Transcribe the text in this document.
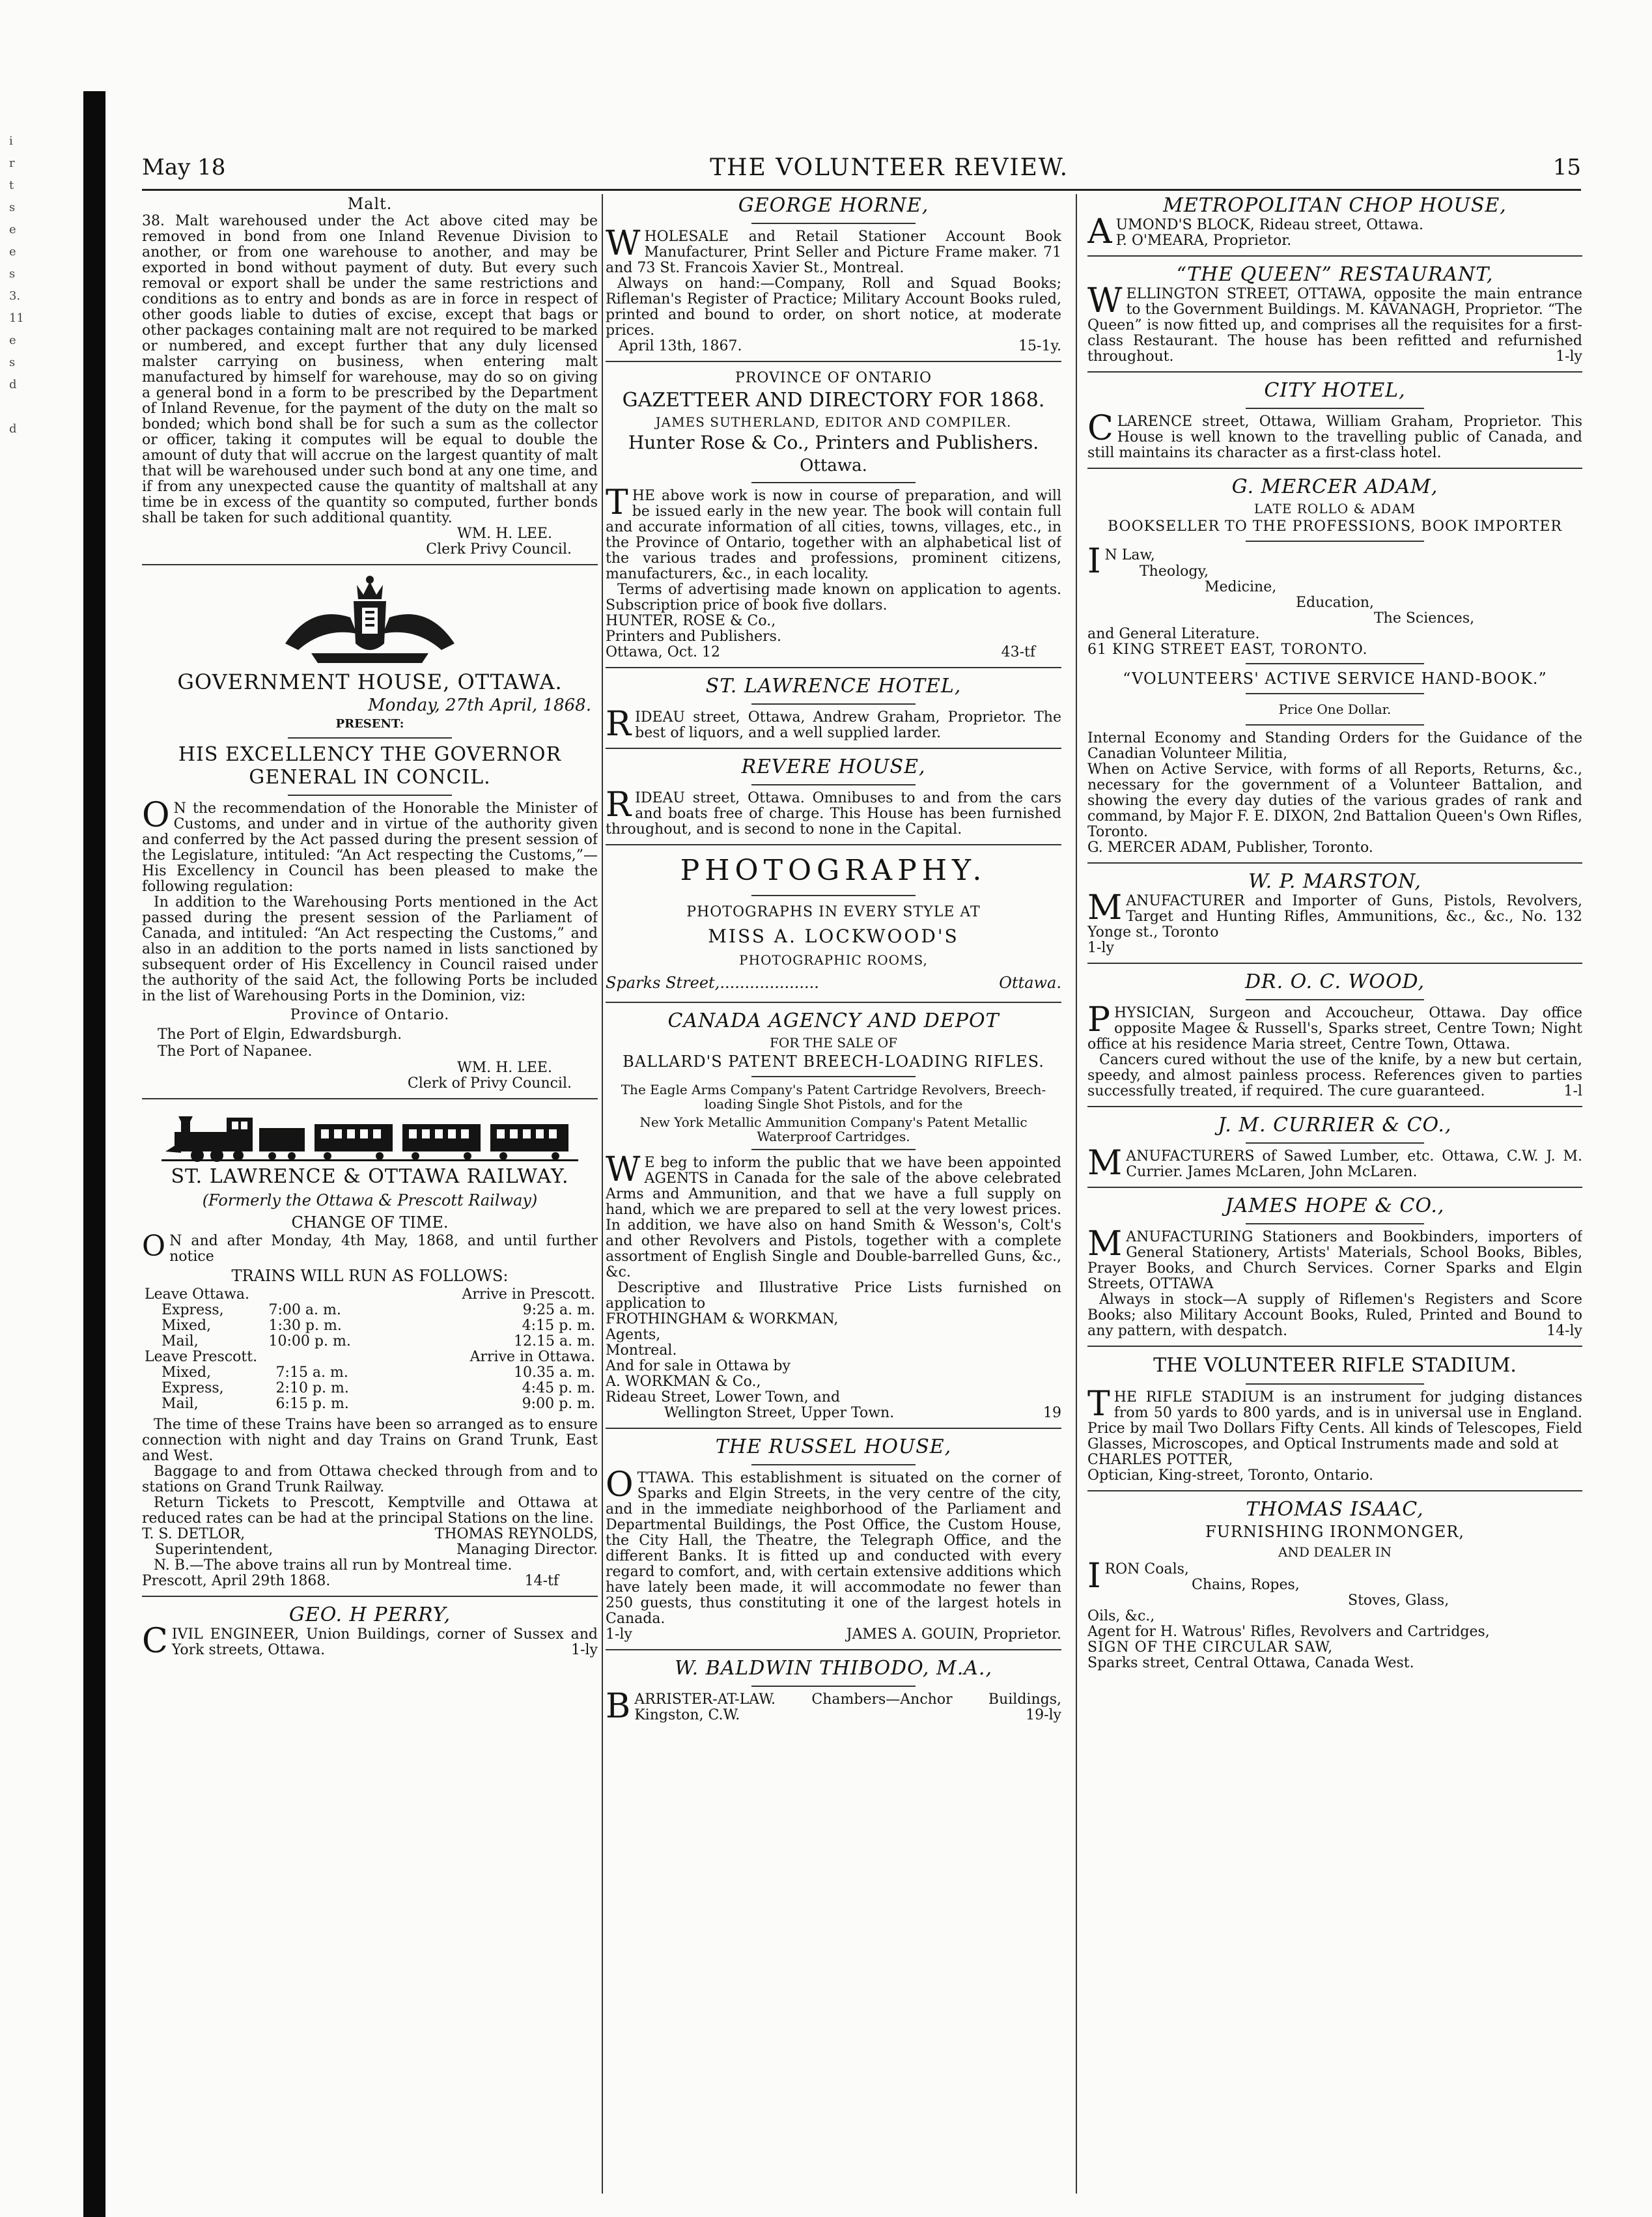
i
r
t
s
e
e
s
3.
11
e
s
d
d
May 18	THE VOLUNTEER REVIEW.	15

Malt.

38. Malt warehoused under the Act above cited may be removed in bond from one Inland Revenue Division to another, or from one warehouse to another, and may be exported in bond without payment of duty. But every such removal or export shall be under the same restrictions and conditions as to entry and bonds as are in force in respect of other goods liable to duties of excise, except that bags or other packages containing malt are not required to be marked or numbered, and except further that any duly licensed malster carrying on business, when entering malt manufactured by himself for warehouse, may do so on giving a general bond in a form to be prescribed by the Department of Inland Revenue, for the payment of the duty on the malt so bonded; which bond shall be for such a sum as the collector or officer, taking it computes will be equal to double the amount of duty that will accrue on the largest quantity of malt that will be warehoused under such bond at any one time, and if from any unexpected cause the quantity of maltshall at any time be in excess of the quantity so computed, further bonds shall be taken for such additional quantity.

WM. H. LEE.

Clerk Privy Council.

GOVERNMENT HOUSE, OTTAWA.

Monday, 27th April, 1868.

PRESENT:

HIS EXCELLENCY THE GOVERNOR

GENERAL IN CONCIL.

O N the recommendation of the Honorable the Minister of Customs, and under and in virtue of the authority given and conferred by the Act passed during the present session of the Legislature, intituled: “An Act respecting the Customs,”—His Excellency in Council has been pleased to make the following regulation:

In addition to the Warehousing Ports mentioned in the Act passed during the present session of the Parliament of Canada, and intituled: “An Act respecting the Customs,” and also in an addition to the ports named in lists sanctioned by subsequent order of His Excellency in Council raised under the authority of the said Act, the following Ports be included in the list of Warehousing Ports in the Dominion, viz:

Province of Ontario.

The Port of Elgin, Edwardsburgh.

The Port of Napanee.

WM. H. LEE.

Clerk of Privy Council.

ST. LAWRENCE & OTTAWA RAILWAY.

(Formerly the Ottawa & Prescott Railway)

CHANGE OF TIME.

O N and after Monday, 4th May, 1868, and until further notice

TRAINS WILL RUN AS FOLLOWS:

Leave Ottawa.		Arrive in Prescott.
Express,	7:00 a. m.	9:25 a. m.
Mixed,	1:30 p. m.	4:15 p. m.
Mail,	10:00 p. m.	12.15 a. m.
Leave Prescott.		Arrive in Ottawa.
Mixed,	7:15 a. m.	10.35 a. m.
Express,	2:10 p. m.	4:45 p. m.
Mail,	6:15 p. m.	9:00 p. m.

The time of these Trains have been so arranged as to ensure connection with night and day Trains on Grand Trunk, East and West.

Baggage to and from Ottawa checked through from and to stations on Grand Trunk Railway.

Return Tickets to Prescott, Kemptville and Ottawa at reduced rates can be had at the principal Stations on the line.

T. S. DETLOR,	THOMAS REYNOLDS,
Superintendent,	Managing Director.

N. B.—The above trains all run by Montreal time.

Prescott, April 29th 1868.	14-tf

GEO. H PERRY,

CIVIL ENGINEER, Union Buildings, corner of Sussex and York streets, Ottawa.	1-ly

GEORGE HORNE,

WHOLESALE and Retail Stationer Account Book Manufacturer, Print Seller and Picture Frame maker. 71 and 73 St. Francois Xavier St., Montreal.

Always on hand:—Company, Roll and Squad Books; Rifleman's Register of Practice; Military Account Books ruled, printed and bound to order, on short notice, at moderate prices.

April 13th, 1867.	15-1y.

PROVINCE OF ONTARIO

GAZETTEER AND DIRECTORY FOR 1868.

JAMES SUTHERLAND, EDITOR AND COMPILER.

Hunter Rose & Co., Printers and Publishers.

Ottawa.

THE above work is now in course of preparation, and will be issued early in the new year. The book will contain full and accurate information of all cities, towns, villages, etc., in the Province of Ontario, together with an alphabetical list of the various trades and professions, prominent citizens, manufacturers, &c., in each locality.

Terms of advertising made known on application to agents. Subscription price of book five dollars.

HUNTER, ROSE & Co.,

Printers and Publishers.

Ottawa, Oct. 12	43-tf

ST. LAWRENCE HOTEL,

RIDEAU street, Ottawa, Andrew Graham, Proprietor. The best of liquors, and a well supplied larder.

REVERE HOUSE,

RIDEAU street, Ottawa. Omnibuses to and from the cars and boats free of charge. This House has been furnished throughout, and is second to none in the Capital.

PHOTOGRAPHY.

PHOTOGRAPHS IN EVERY STYLE AT

MISS A. LOCKWOOD'S

PHOTOGRAPHIC ROOMS,

Sparks Street,....................	Ottawa.

CANADA AGENCY AND DEPOT

FOR THE SALE OF

BALLARD'S PATENT BREECH-LOADING RIFLES.

The Eagle Arms Company's Patent Cartridge Revolvers, Breech-loading Single Shot Pistols, and for the

New York Metallic Ammunition Company's Patent Metallic Waterproof Cartridges.

W E beg to inform the public that we have been appointed AGENTS in Canada for the sale of the above celebrated Arms and Ammunition, and that we have a full supply on hand, which we are prepared to sell at the very lowest prices. In addition, we have also on hand Smith & Wesson's, Colt's and other Revolvers and Pistols, together with a complete assortment of English Single and Double-barrelled Guns, &c., &c.

Descriptive and Illustrative Price Lists furnished on application to

FROTHINGHAM & WORKMAN,

Agents,

Montreal.

And for sale in Ottawa by

A. WORKMAN & Co.,

Rideau Street, Lower Town, and

Wellington Street, Upper Town.	19

THE RUSSEL HOUSE,

OTTAWA. This establishment is situated on the corner of Sparks and Elgin Streets, in the very centre of the city, and in the immediate neighborhood of the Parliament and Departmental Buildings, the Post Office, the Custom House, the City Hall, the Theatre, the Telegraph Office, and the different Banks. It is fitted up and conducted with every regard to comfort, and, with certain extensive additions which have lately been made, it will accommodate no fewer than 250 guests, thus constituting it one of the largest hotels in Canada.

1-ly	JAMES A. GOUIN, Proprietor.

W. BALDWIN THIBODO, M.A.,

BARRISTER-AT-LAW. Chambers—Anchor Buildings, Kingston, C.W.	19-ly

METROPOLITAN CHOP HOUSE,

AUMOND'S BLOCK, Rideau street, Ottawa.

P. O'MEARA, Proprietor.

“THE QUEEN” RESTAURANT,

WELLINGTON STREET, OTTAWA, opposite the main entrance to the Government Buildings. M. KAVANAGH, Proprietor. “The Queen” is now fitted up, and comprises all the requisites for a first-class Restaurant. The house has been refitted and refurnished throughout.	1-ly

CITY HOTEL,

CLARENCE street, Ottawa, William Graham, Proprietor. This House is well known to the travelling public of Canada, and still maintains its character as a first-class hotel.

G. MERCER ADAM,

LATE ROLLO & ADAM

BOOKSELLER TO THE PROFESSIONS, BOOK IMPORTER

I N Law,

Theology,

Medicine,

Education,

The Sciences,

and General Literature.

61 KING STREET EAST, TORONTO.

“VOLUNTEERS' ACTIVE SERVICE HAND-BOOK.”

Price One Dollar.

Internal Economy and Standing Orders for the Guidance of the Canadian Volunteer Militia,

When on Active Service, with forms of all Reports, Returns, &c., necessary for the government of a Volunteer Battalion, and showing the every day duties of the various grades of rank and command, by Major F. E. DIXON, 2nd Battalion Queen's Own Rifles, Toronto.

G. MERCER ADAM, Publisher, Toronto.

W. P. MARSTON,

MANUFACTURER and Importer of Guns, Pistols, Revolvers, Target and Hunting Rifles, Ammunitions, &c., &c., No. 132 Yonge st., Toronto

1-ly

DR. O. C. WOOD,

PHYSICIAN, Surgeon and Accoucheur, Ottawa. Day office opposite Magee & Russell's, Sparks street, Centre Town; Night office at his residence Maria street, Centre Town, Ottawa.

Cancers cured without the use of the knife, by a new but certain, speedy, and almost painless process. References given to parties successfully treated, if required. The cure guaranteed.	1-l

J. M. CURRIER & CO.,

MANUFACTURERS of Sawed Lumber, etc. Ottawa, C.W. J. M. Currier. James McLaren, John McLaren.

JAMES HOPE & CO.,

MANUFACTURING Stationers and Bookbinders, importers of General Stationery, Artists' Materials, School Books, Bibles, Prayer Books, and Church Services. Corner Sparks and Elgin Streets, OTTAWA

Always in stock—A supply of Riflemen's Registers and Score Books; also Military Account Books, Ruled, Printed and Bound to any pattern, with despatch.	14-ly

THE VOLUNTEER RIFLE STADIUM.

THE RIFLE STADIUM is an instrument for judging distances from 50 yards to 800 yards, and is in universal use in England. Price by mail Two Dollars Fifty Cents. All kinds of Telescopes, Field Glasses, Microscopes, and Optical Instruments made and sold at

CHARLES POTTER,

Optician, King-street, Toronto, Ontario.

THOMAS ISAAC,

FURNISHING IRONMONGER,

AND DEALER IN

IRON Coals,

Chains, Ropes,

Stoves, Glass,

Oils, &c.,

Agent for H. Watrous' Rifles, Revolvers and Cartridges,

SIGN OF THE CIRCULAR SAW,

Sparks street, Central Ottawa, Canada West.
